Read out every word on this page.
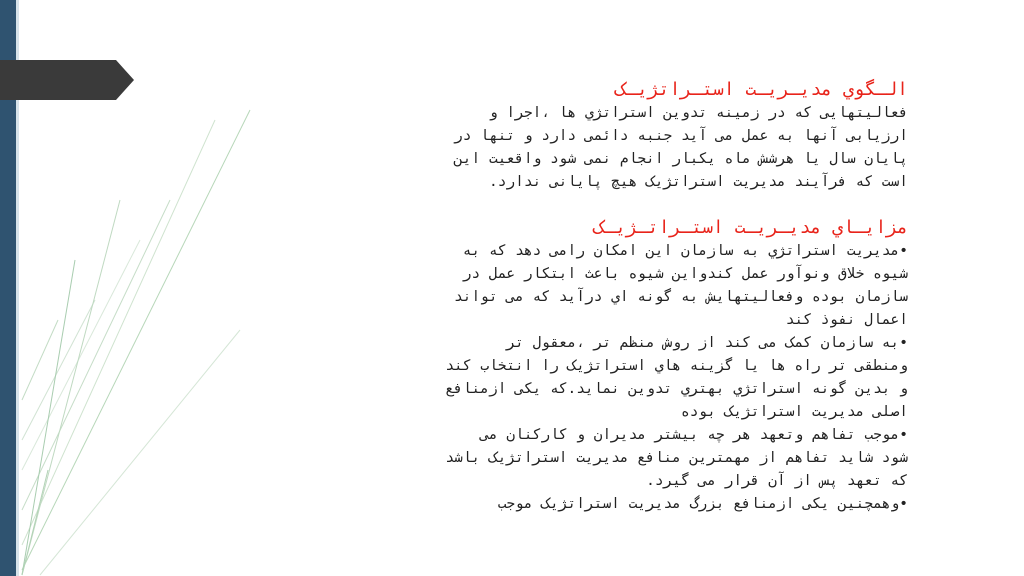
الـگوي مديـريـت استـراتژيـک
فعالیتهایی که در زمینه تدوین استراتژي ها ،اجرا و
ارزیابی آنها به عمل می آید جنبه دائمی دارد و تنها در
پایان سال یا هرشش ماه یکبار انجام نمی شود واقعیت این
است که فرآیند مدیریت استراتژیک هیچ پایانی ندارد.
مزايـاي مديـريـت استـراتـژيـک
•مديريت استراتژي به سازمان اين امكان رامی دهد كه به
شيوه خلاق ونوآور عمل كندواين شيوه باعث ابتكار عمل در
سازمان بوده وفعاليتهايش به گونه اي درآيد كه می تواند
اعمال نفوذ كند
•به سازمان كمک می كند از روش منظم تر ،معقول تر
ومنطقی تر راه ها يا گزينه هاي استراتژيک را انتخاب كند
و بدين گونه استراتژي بهتري تدوين نمايد.كه یکی ازمنافع
اصلی مدیریت استراتژیک بوده
•موجب تفاهم وتعهد هر چه بيشتر مديران و كاركنان می
شود شاید تفاهم از مهمترين منافع مديريت استراتژيک باشد
كه تعهد پس از آن قرار می گيرد.
•وهمچنین یکی ازمنافع بزرگ مدیریت استراتژیک موجب
